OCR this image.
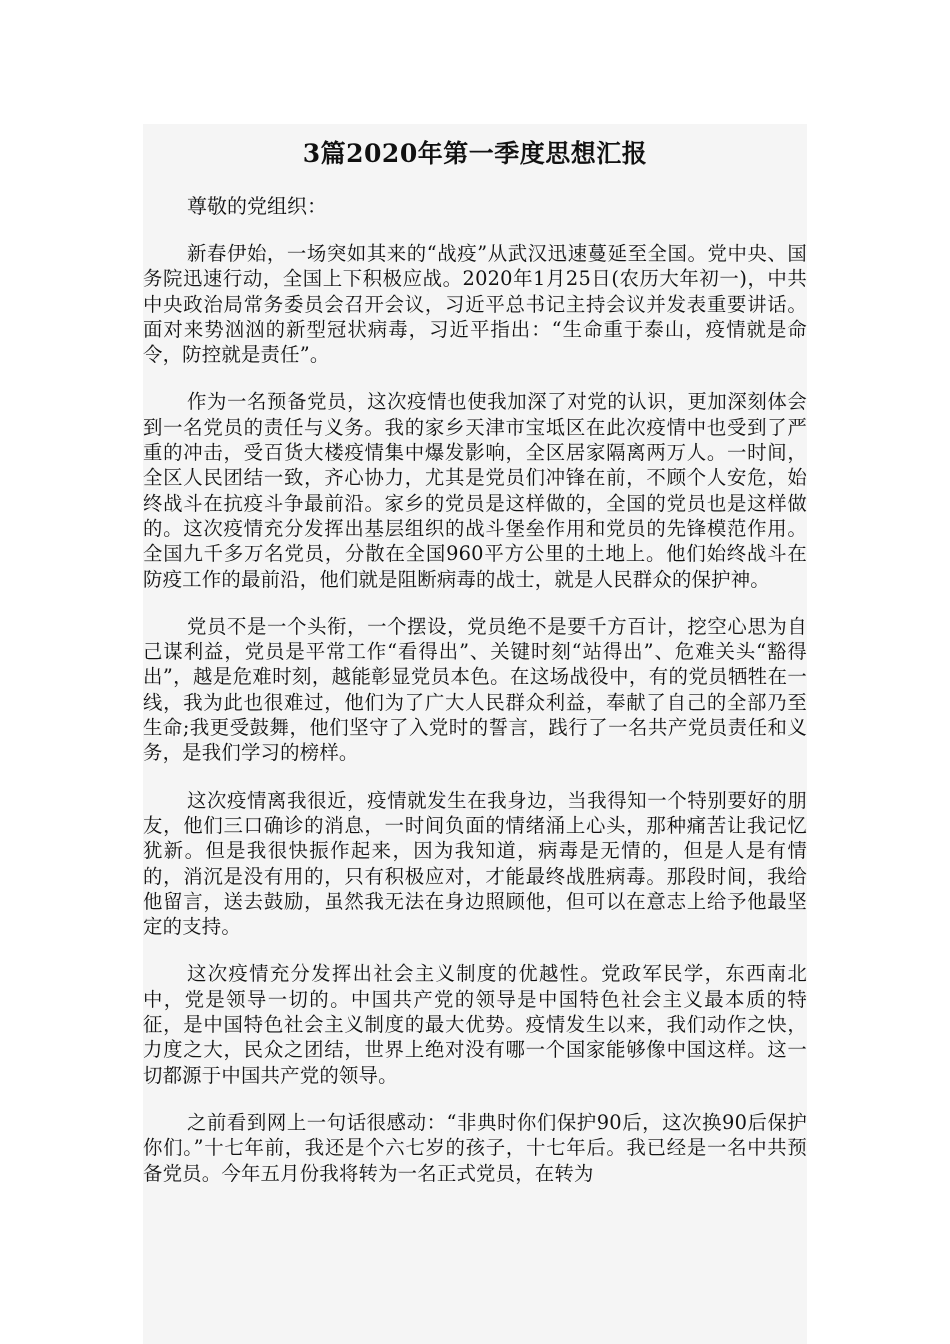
3篇2020年第一季度思想汇报

尊敬的党组织：

新春伊始，一场突如其来的“战疫”从武汉迅速蔓延至全国。党中央、国务院迅速行动，全国上下积极应战。2020年1月25日(农历大年初一)，中共中央政治局常务委员会召开会议，习近平总书记主持会议并发表重要讲话。面对来势汹汹的新型冠状病毒，习近平指出：“生命重于泰山，疫情就是命令，防控就是责任”。

作为一名预备党员，这次疫情也使我加深了对党的认识，更加深刻体会到一名党员的责任与义务。我的家乡天津市宝坻区在此次疫情中也受到了严重的冲击，受百货大楼疫情集中爆发影响，全区居家隔离两万人。一时间，全区人民团结一致，齐心协力，尤其是党员们冲锋在前，不顾个人安危，始终战斗在抗疫斗争最前沿。家乡的党员是这样做的，全国的党员也是这样做的。这次疫情充分发挥出基层组织的战斗堡垒作用和党员的先锋模范作用。全国九千多万名党员，分散在全国960平方公里的土地上。他们始终战斗在防疫工作的最前沿，他们就是阻断病毒的战士，就是人民群众的保护神。

党员不是一个头衔，一个摆设，党员绝不是要千方百计，挖空心思为自己谋利益，党员是平常工作“看得出”、关键时刻“站得出”、危难关头“豁得出”，越是危难时刻，越能彰显党员本色。在这场战役中，有的党员牺牲在一线，我为此也很难过，他们为了广大人民群众利益，奉献了自己的全部乃至生命;我更受鼓舞，他们坚守了入党时的誓言，践行了一名共产党员责任和义务，是我们学习的榜样。

这次疫情离我很近，疫情就发生在我身边，当我得知一个特别要好的朋友，他们三口确诊的消息，一时间负面的情绪涌上心头，那种痛苦让我记忆犹新。但是我很快振作起来，因为我知道，病毒是无情的，但是人是有情的，消沉是没有用的，只有积极应对，才能最终战胜病毒。那段时间，我给他留言，送去鼓励，虽然我无法在身边照顾他，但可以在意志上给予他最坚定的支持。

这次疫情充分发挥出社会主义制度的优越性。党政军民学，东西南北中，党是领导一切的。中国共产党的领导是中国特色社会主义最本质的特征，是中国特色社会主义制度的最大优势。疫情发生以来，我们动作之快，力度之大，民众之团结，世界上绝对没有哪一个国家能够像中国这样。这一切都源于中国共产党的领导。

之前看到网上一句话很感动：“非典时你们保护90后，这次换90后保护你们。”十七年前，我还是个六七岁的孩子，十七年后。我已经是一名中共预备党员。今年五月份我将转为一名正式党员，在转为
